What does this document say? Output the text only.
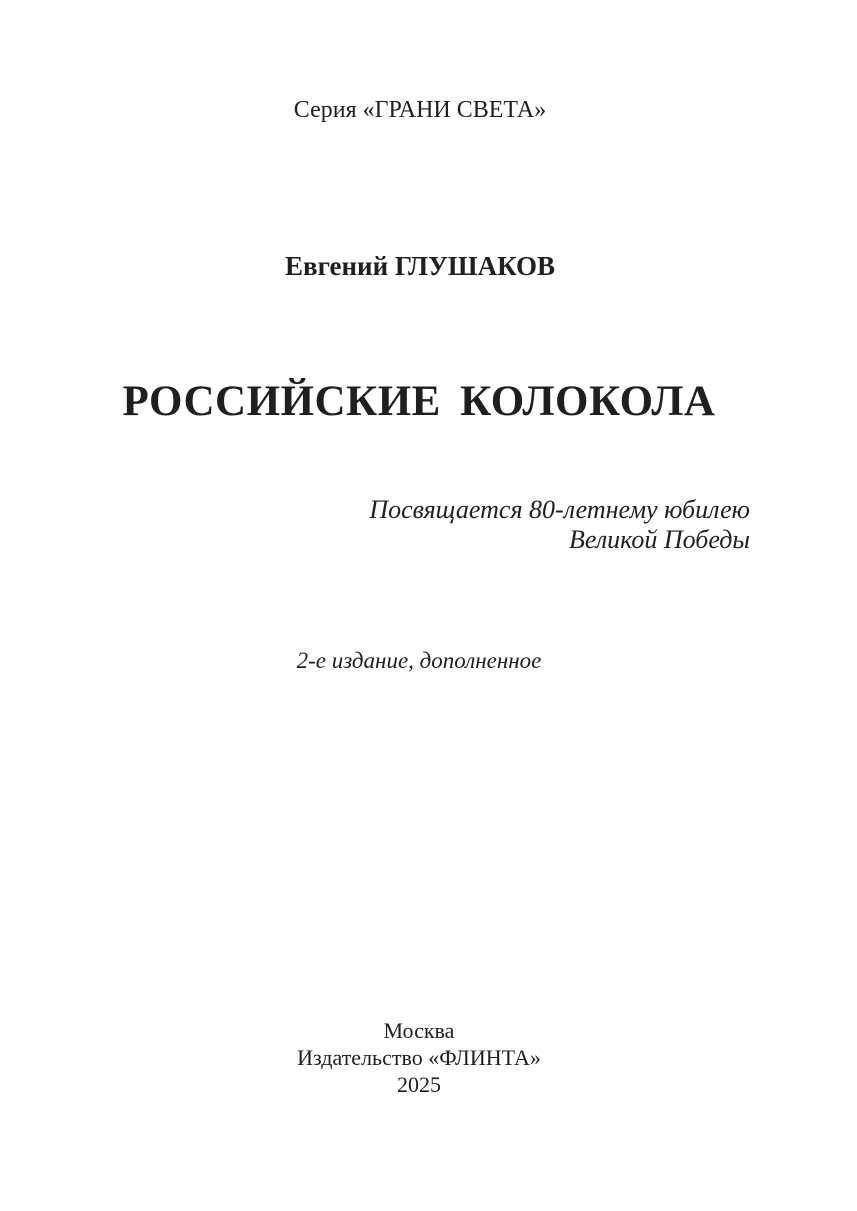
Серия «ГРАНИ СВЕТА»
Евгений ГЛУШАКОВ
РОССИЙСКИЕ КОЛОКОЛА
Посвящается 80-летнему юбилею
Великой Победы
2-е издание, дополненное
Москва
Издательство «ФЛИНТА»
2025
